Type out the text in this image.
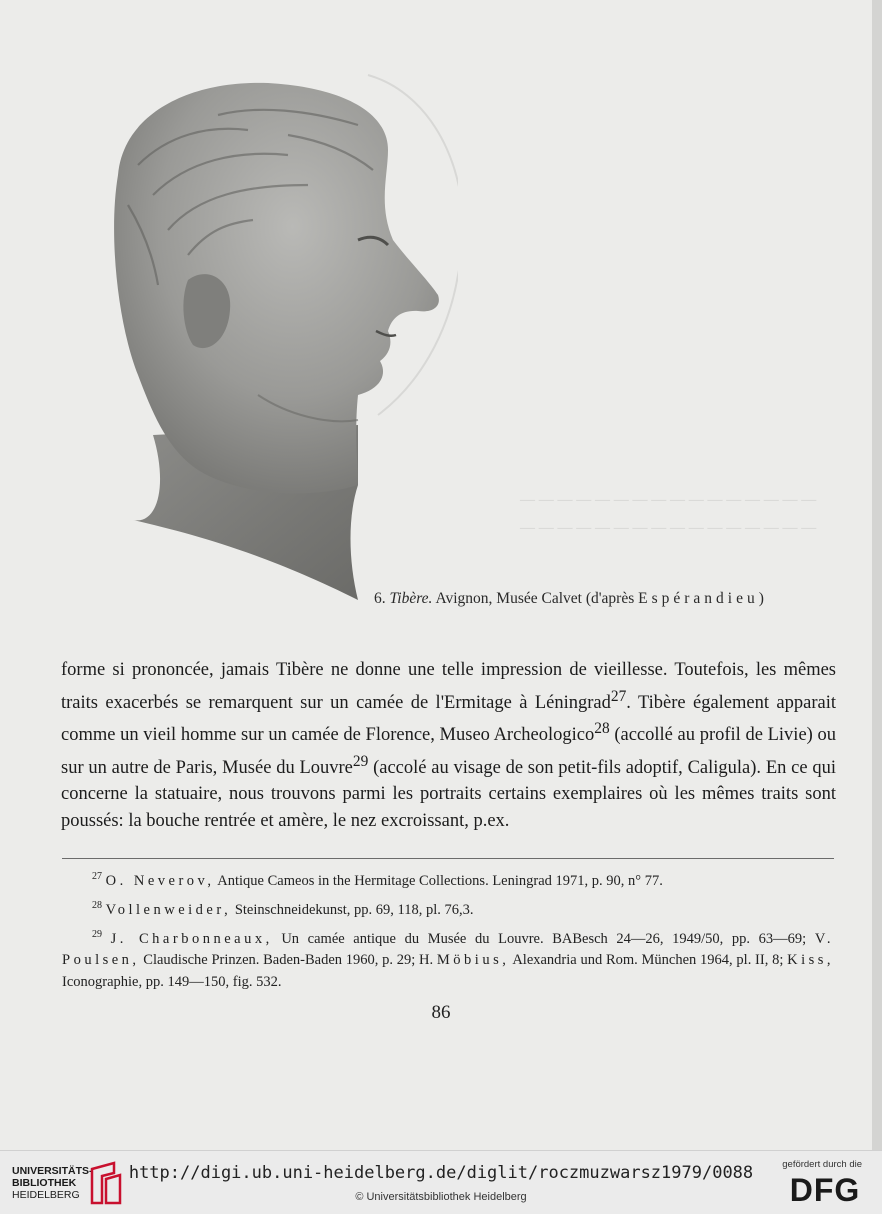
— — — — — — — — — — — — — — — —
— — — — — — — — — — — — — — — —
6. Tibère. Avignon, Musée Calvet (d'après Espérandieu)
forme si prononcée, jamais Tibère ne donne une telle impression de vieillesse. Toutefois, les mêmes traits exacerbés se remarquent sur un camée de l'Ermitage à Léningrad$^{27}$. Tibère également apparait comme un vieil homme sur un camée de Florence, Museo Archeologico$^{28}$ (accollé au profil de Livie) ou sur un autre de Paris, Musée du Louvre$^{29}$ (accolé au visage de son petit-fils adoptif, Caligula). En ce qui concerne la statuaire, nous trouvons parmi les portraits certains exemplaires où les mêmes traits sont poussés: la bouche rentrée et amère, le nez excroissant, p.ex.
$^{27}$ O. Neverov, Antique Cameos in the Hermitage Collections. Leningrad 1971, p. 90, n° 77.
$^{28}$ Vollenweider, Steinschneidekunst, pp. 69, 118, pl. 76,3.
$^{29}$ J. Charbonneaux, Un camée antique du Musée du Louvre. BABesch 24—26, 1949/50, pp. 63—69; V. Poulsen, Claudische Prinzen. Baden-Baden 1960, p. 29; H. Möbius, Alexandria und Rom. München 1964, pl. II, 8; Kiss, Iconographie, pp. 149—150, fig. 532.
86
UNIVERSITÄTS-
BIBLIOTHEK
HEIDELBERG
http://digi.ub.uni-heidelberg.de/diglit/roczmuzwarsz1979/0088
© Universitätsbibliothek Heidelberg
gefördert durch die
DFG
